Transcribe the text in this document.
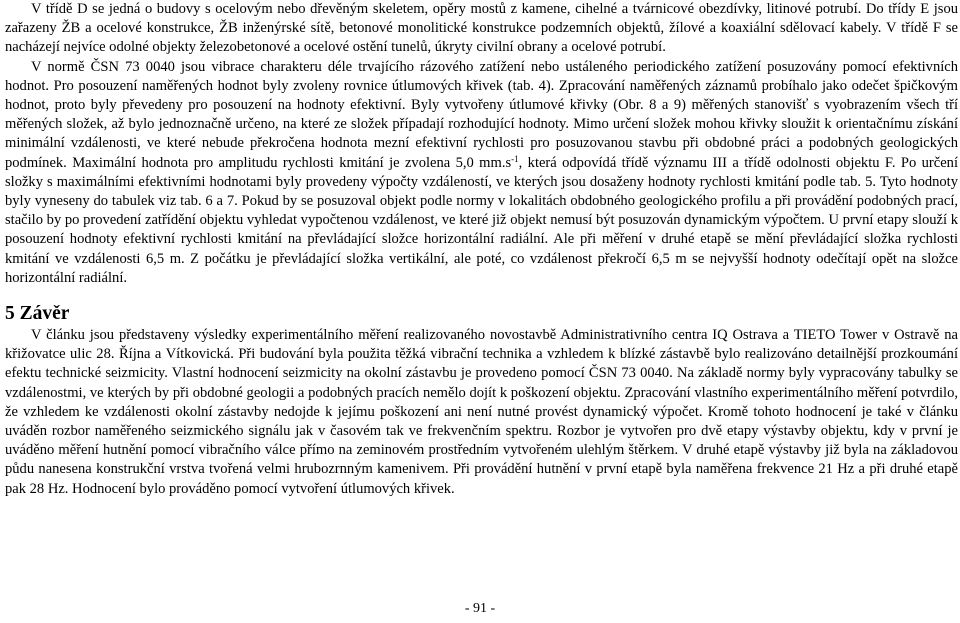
V třídě D se jedná o budovy s ocelovým nebo dřevěným skeletem, opěry mostů z kamene, cihelné a tvárnicové obezdívky, litinové potrubí. Do třídy E jsou zařazeny ŽB a ocelové konstrukce, ŽB inženýrské sítě, betonové monolitické konstrukce podzemních objektů, žílové a koaxiální sdělovací kabely. V třídě F se nacházejí nejvíce odolné objekty železobetonové a ocelové ostění tunelů, úkryty civilní obrany a ocelové potrubí.

V normě ČSN 73 0040 jsou vibrace charakteru déle trvajícího rázového zatížení nebo ustáleného periodického zatížení posuzovány pomocí efektivních hodnot. Pro posouzení naměřených hodnot byly zvoleny rovnice útlumových křivek (tab. 4). Zpracování naměřených záznamů probíhalo jako odečet špičkovým hodnot, proto byly převedeny pro posouzení na hodnoty efektivní. Byly vytvořeny útlumové křivky (Obr. 8 a 9) měřených stanovišť s vyobrazením všech tří měřených složek, až bylo jednoznačně určeno, na které ze složek případají rozhodující hodnoty. Mimo určení složek mohou křivky sloužit k orientačnímu získání minimální vzdálenosti, ve které nebude překročena hodnota mezní efektivní rychlosti pro posuzovanou stavbu při obdobné práci a podobných geologických podmínek. Maximální hodnota pro amplitudu rychlosti kmitání je zvolena 5,0 $mm.s^{-1}$, která odpovídá třídě významu III a třídě odolnosti objektu F. Po určení složky s maximálními efektivními hodnotami byly provedeny výpočty vzdáleností, ve kterých jsou dosaženy hodnoty rychlosti kmitání podle tab. 5. Tyto hodnoty byly vyneseny do tabulek viz tab. 6 a 7. Pokud by se posuzoval objekt podle normy v lokalitách obdobného geologického profilu a při provádění podobných prací, stačilo by po provedení zatřídění objektu vyhledat vypočtenou vzdálenost, ve které již objekt nemusí být posuzován dynamickým výpočtem. U první etapy slouží k posouzení hodnoty efektivní rychlosti kmitání na převládající složce horizontální radiální. Ale při měření v druhé etapě se mění převládající složka rychlosti kmitání ve vzdálenosti 6,5 m. Z počátku je převládající složka vertikální, ale poté, co vzdálenost překročí 6,5 m se nejvyšší hodnoty odečítají opět na složce horizontální radiální.

5 Závěr

V článku jsou představeny výsledky experimentálního měření realizovaného novostavbě Administrativního centra IQ Ostrava a TIETO Tower v Ostravě na křižovatce ulic 28. Října a Vítkovická. Při budování byla použita těžká vibrační technika a vzhledem k blízké zástavbě bylo realizováno detailnější prozkoumání efektu technické seizmicity. Vlastní hodnocení seizmicity na okolní zástavbu je provedeno pomocí ČSN 73 0040. Na základě normy byly vypracovány tabulky se vzdálenostmi, ve kterých by při obdobné geologii a podobných pracích nemělo dojít k poškození objektu. Zpracování vlastního experimentálního měření potvrdilo, že vzhledem ke vzdálenosti okolní zástavby nedojde k jejímu poškození ani není nutné provést dynamický výpočet. Kromě tohoto hodnocení je také v článku uváděn rozbor naměřeného seizmického signálu jak v časovém tak ve frekvenčním spektru. Rozbor je vytvořen pro dvě etapy výstavby objektu, kdy v první je uváděno měření hutnění pomocí vibračního válce přímo na zeminovém prostředním vytvořeném ulehlým štěrkem. V druhé etapě výstavby již byla na základovou půdu nanesena konstrukční vrstva tvořená velmi hrubozrnným kamenivem. Při provádění hutnění v první etapě byla naměřena frekvence 21 Hz a při druhé etapě pak 28 Hz. Hodnocení bylo prováděno pomocí vytvoření útlumových křivek.

- 91 -
